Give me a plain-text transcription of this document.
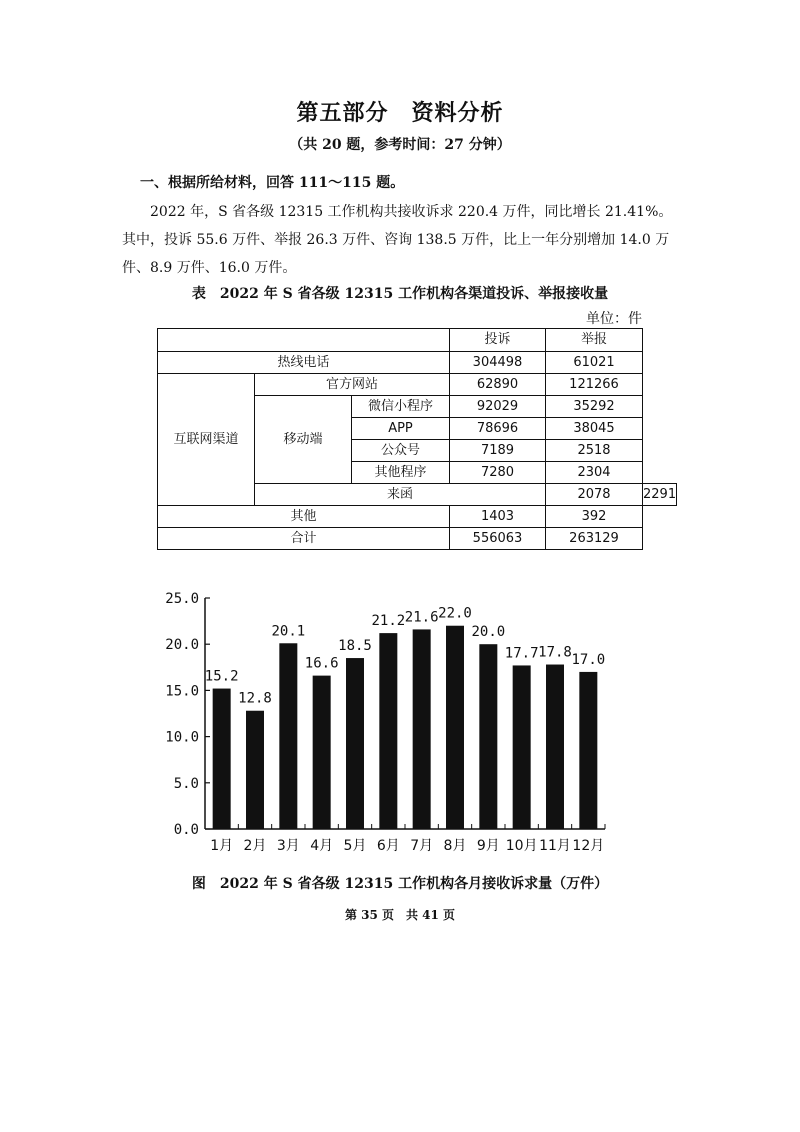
第五部分　资料分析
（共 20 题，参考时间：27 分钟）
一、根据所给材料，回答 111～115 题。
2022 年，S 省各级 12315 工作机构共接收诉求 220.4 万件，同比增长 21.41%。其中，投诉 55.6 万件、举报 26.3 万件、咨询 138.5 万件，比上一年分别增加 14.0 万件、8.9 万件、16.0 万件。
表　2022 年 S 省各级 12315 工作机构各渠道投诉、举报接收量
单位：件
			投诉	举报	
热线电话			304498	61021	
互联网渠道	官方网站		62890	121266	
	移动端	微信小程序	92029	35292	
		APP	78696	38045	
		公众号	7189	2518	
		其他程序	7280	2304	
	来函			2078	2291
其他			1403	392	
合计			556063	263129	
0.0
5.0
10.0
15.0
20.0
25.0
15.2
1月
12.8
2月
20.1
3月
16.6
4月
18.5
5月
21.2
6月
21.6
7月
22.0
8月
20.0
9月
17.7
10月
17.8
11月
17.0
12月
图　2022 年 S 省各级 12315 工作机构各月接收诉求量（万件）
第 35 页　共 41 页
